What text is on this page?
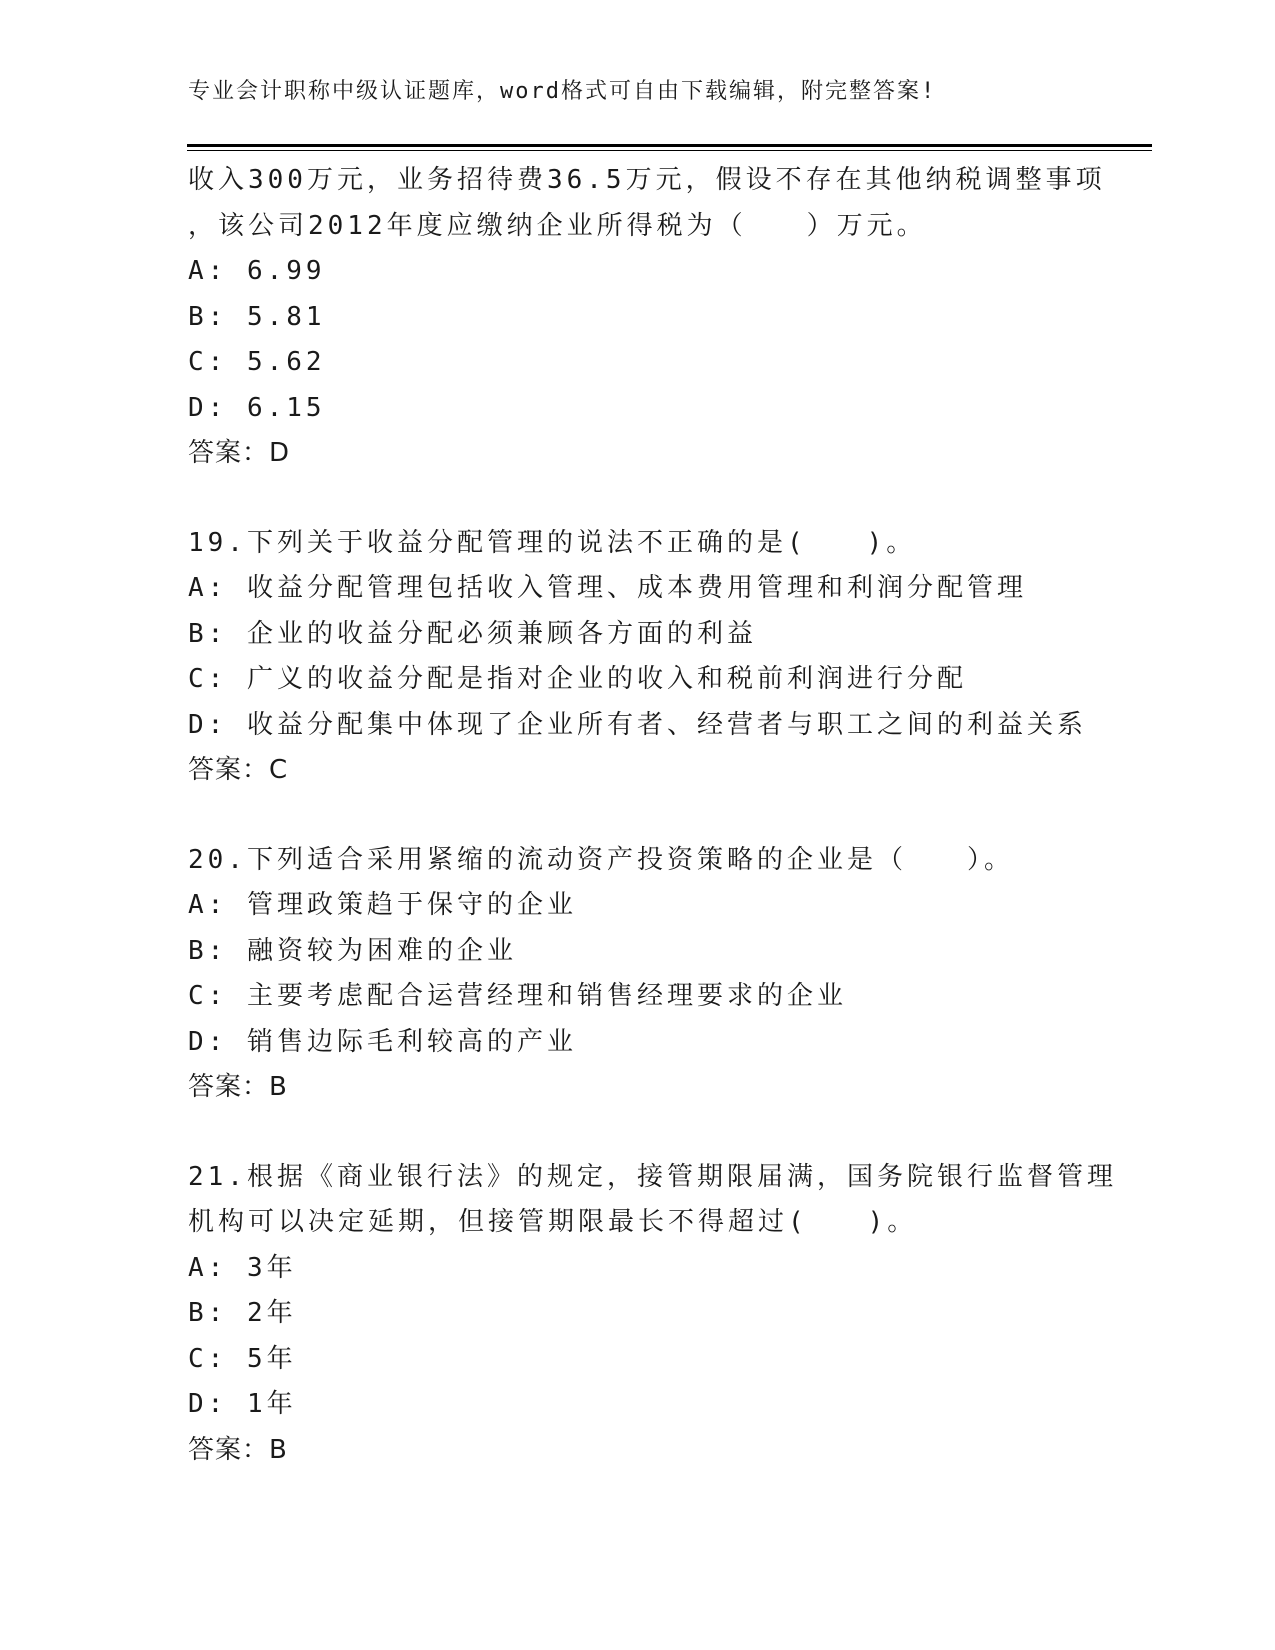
专业会计职称中级认证题库，word格式可自由下载编辑，附完整答案!
收入300万元，业务招待费36.5万元，假设不存在其他纳税调整事项
，该公司2012年度应缴纳企业所得税为（　　）万元。
A: 6.99
B: 5.81
C: 5.62
D: 6.15
答案：D
19.下列关于收益分配管理的说法不正确的是(　　)。
A: 收益分配管理包括收入管理、成本费用管理和利润分配管理
B: 企业的收益分配必须兼顾各方面的利益
C: 广义的收益分配是指对企业的收入和税前利润进行分配
D: 收益分配集中体现了企业所有者、经营者与职工之间的利益关系
答案：C
20.下列适合采用紧缩的流动资产投资策略的企业是（　　）。
A: 管理政策趋于保守的企业
B: 融资较为困难的企业
C: 主要考虑配合运营经理和销售经理要求的企业
D: 销售边际毛利较高的产业
答案：B
21.根据《商业银行法》的规定，接管期限届满，国务院银行监督管理
机构可以决定延期，但接管期限最长不得超过(　　)。
A: 3年
B: 2年
C: 5年
D: 1年
答案：B
